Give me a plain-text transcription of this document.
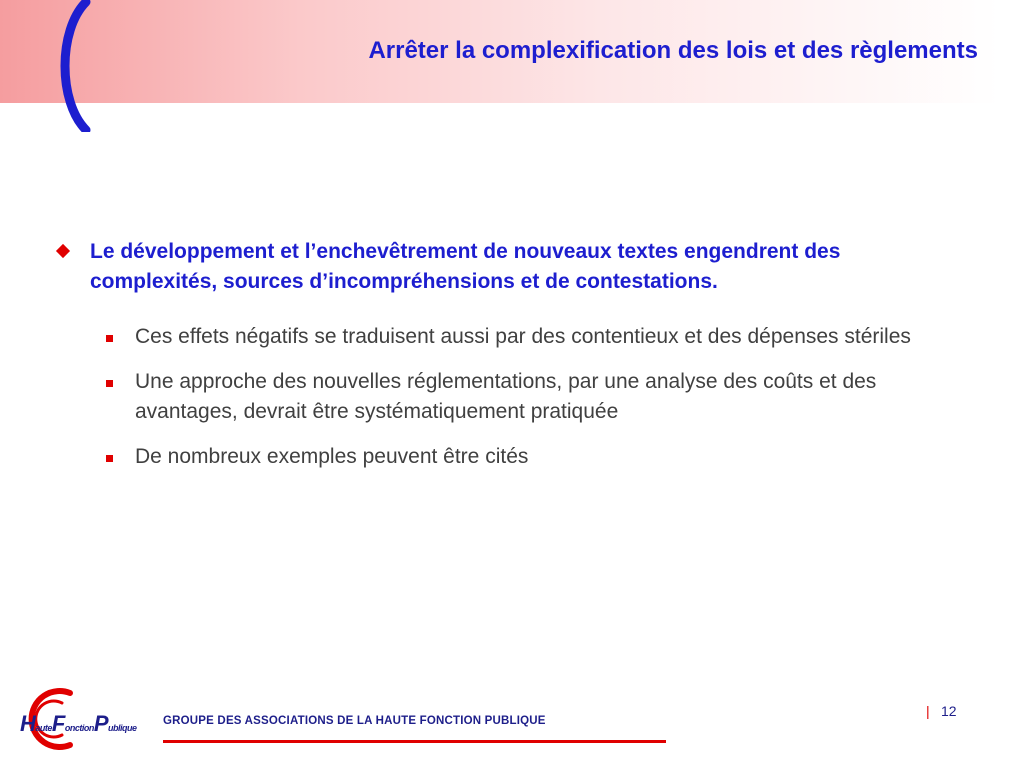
Arrêter la complexification des lois et des règlements

Le développement et l’enchevêtrement de nouveaux textes engendrent des complexités, sources d’incompréhensions et de contestations.

Ces effets négatifs se traduisent aussi par des contentieux et des dépenses stériles
Une approche des nouvelles réglementations, par une analyse des coûts et des avantages, devrait être systématiquement pratiquée
De nombreux exemples peuvent être cités
HauteFonctionPublique
GROUPE DES ASSOCIATIONS DE LA HAUTE FONCTION PUBLIQUE
| 12
